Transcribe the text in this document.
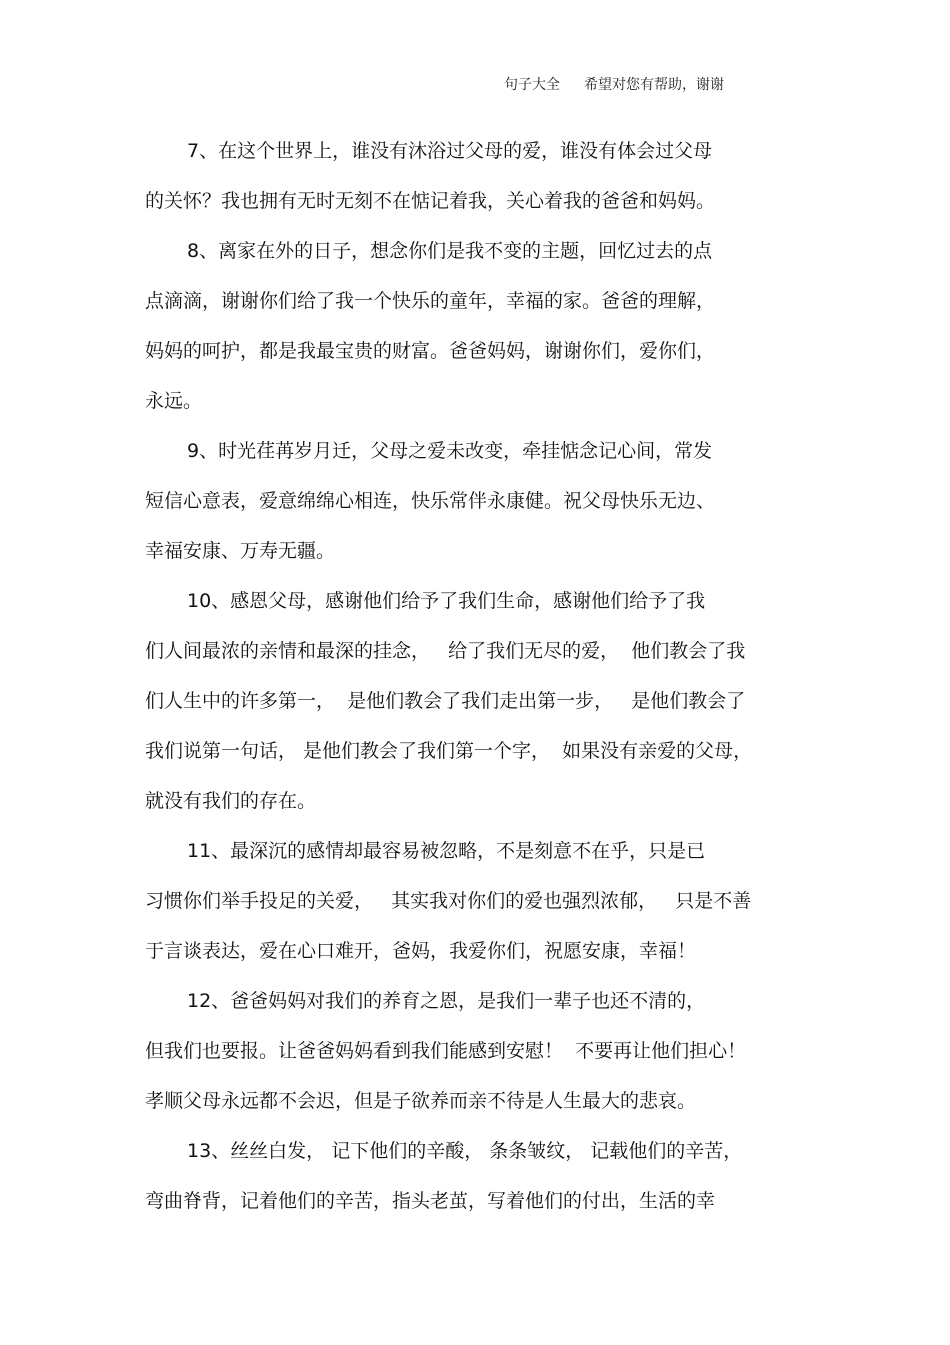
句子大全 希望对您有帮助，谢谢
7、在这个世界上，谁没有沐浴过父母的爱，谁没有体会过父母
的关怀？我也拥有无时无刻不在惦记着我，关心着我的爸爸和妈妈。
8、离家在外的日子，想念你们是我不变的主题，回忆过去的点
点滴滴，谢谢你们给了我一个快乐的童年，幸福的家。爸爸的理解，
妈妈的呵护，都是我最宝贵的财富。爸爸妈妈，谢谢你们，爱你们，
永远。
9、时光荏苒岁月迁，父母之爱未改变，牵挂惦念记心间，常发
短信心意表，爱意绵绵心相连，快乐常伴永康健。祝父母快乐无边、
幸福安康、万寿无疆。
10、感恩父母，感谢他们给予了我们生命，感谢他们给予了我
们人间最浓的亲情和最深的挂念，   给了我们无尽的爱，  他们教会了我
们人生中的许多第一，  是他们教会了我们走出第一步，   是他们教会了
我们说第一句话， 是他们教会了我们第一个字，  如果没有亲爱的父母，
就没有我们的存在。
11、最深沉的感情却最容易被忽略，不是刻意不在乎，只是已
习惯你们举手投足的关爱，   其实我对你们的爱也强烈浓郁，   只是不善
于言谈表达，爱在心口难开，爸妈，我爱你们，祝愿安康，幸福！
12、爸爸妈妈对我们的养育之恩，是我们一辈子也还不清的，
但我们也要报。让爸爸妈妈看到我们能感到安慰！  不要再让他们担心！
孝顺父母永远都不会迟，但是子欲养而亲不待是人生最大的悲哀。
13、丝丝白发， 记下他们的辛酸， 条条皱纹， 记载他们的辛苦，
弯曲脊背，记着他们的辛苦，指头老茧，写着他们的付出，生活的幸
